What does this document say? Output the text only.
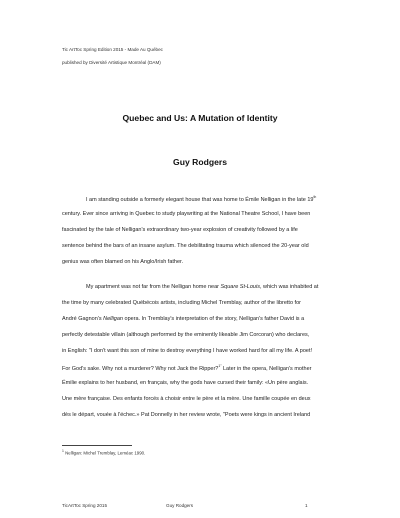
Tic ArtToc Spring Edition 2015 - Made Au Québec
published by Diversité Artistique Montréal (DAM)
Quebec and Us: A Mutation of Identity
Guy Rodgers
I am standing outside a formerly elegant house that was home to Émile Nelligan in the late 19th
century. Ever since arriving in Quebec to study playwriting at the National Theatre School, I have been
fascinated by the tale of Nelligan's extraordinary two-year explosion of creativity followed by a life
sentence behind the bars of an insane asylum. The debilitating trauma which silenced the 20-year old
genius was often blamed on his Anglo/Irish father.
My apartment was not far from the Nelligan home near Square St-Louis, which was inhabited at
the time by many celebrated Québécois artists, including Michel Tremblay, author of the libretto for
André Gagnon's Nelligan opera. In Tremblay's interpretation of the story, Nelligan's father David is a
perfectly detestable villain (although performed by the eminently likeable Jim Corcoran) who declares,
in English: "I don't want this son of mine to destroy everything I have worked hard for all my life. A poet!
For God's sake. Why not a murderer? Why not Jack the Ripper?$^{1"}$ Later in the opera, Nelligan's mother
Émilie explains to her husband, en français, why the gods have cursed their family: «Un père anglais.
Une mère française. Des enfants forcés à choisir entre le père et la mère. Une famille coupée en deux
dès le départ, vouée à l'échec.» Pat Donnelly in her review wrote, "Poets were kings in ancient Ireland
$^1$ Nelligan: Michel Tremblay, Leméac 1990.
TicArtToc Spring 2015	Guy Rodgers	1
